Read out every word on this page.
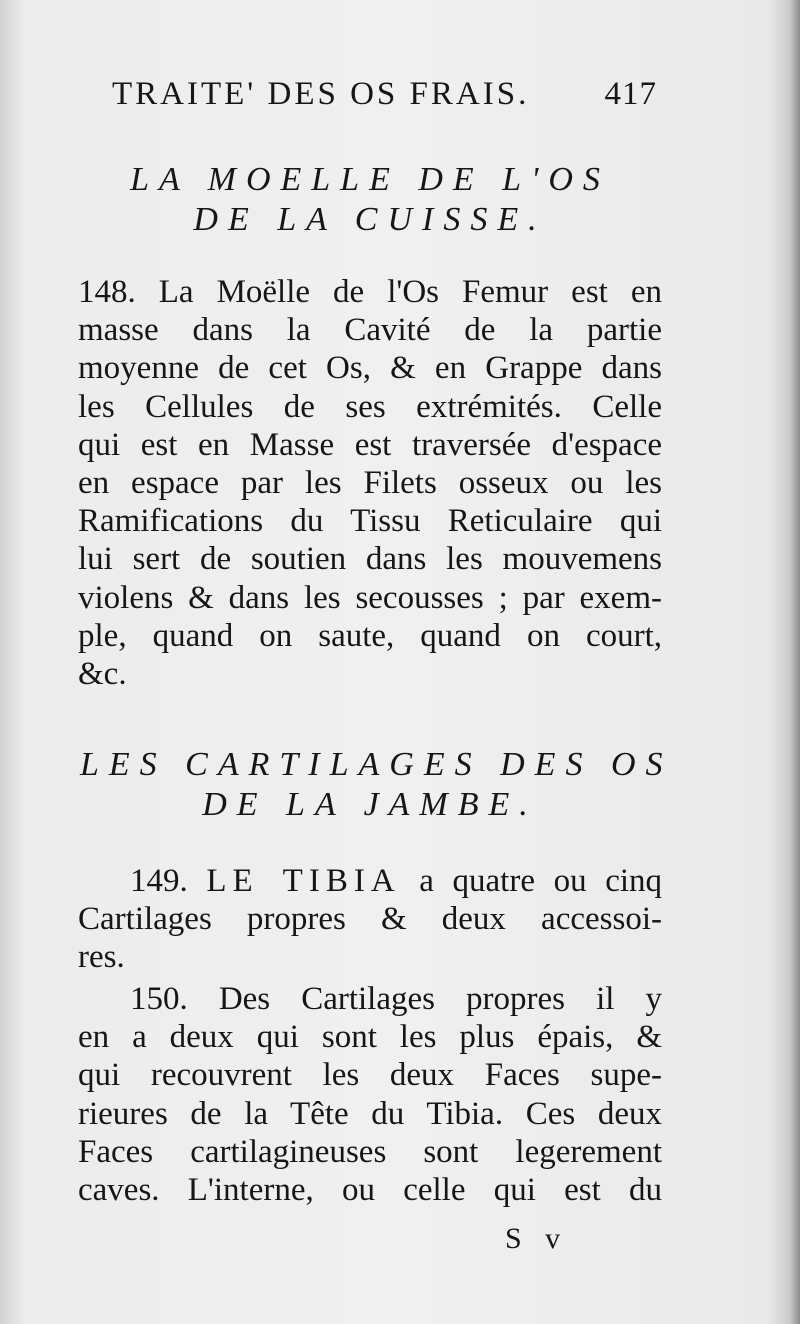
TRAITE' DES OS FRAIS. 417
LA MOELLE DE L'OS
DE LA CUISSE.
148. La Moëlle de l'Os Femur est en
masse dans la Cavité de la partie
moyenne de cet Os, & en Grappe dans
les Cellules de ses extrémités. Celle
qui est en Masse est traversée d'espace
en espace par les Filets osseux ou les
Ramifications du Tissu Reticulaire qui
lui sert de soutien dans les mouvemens
violens & dans les secousses ; par exem-
ple, quand on saute, quand on court,
&c.
LES CARTILAGES DES OS
DE LA JAMBE.
149. LE TIBIA a quatre ou cinq
Cartilages propres & deux accessoi-
res.
150. Des Cartilages propres il y
en a deux qui sont les plus épais, &
qui recouvrent les deux Faces supe-
rieures de la Tête du Tibia. Ces deux
Faces cartilagineuses sont legerement
caves. L'interne, ou celle qui est du
S v
